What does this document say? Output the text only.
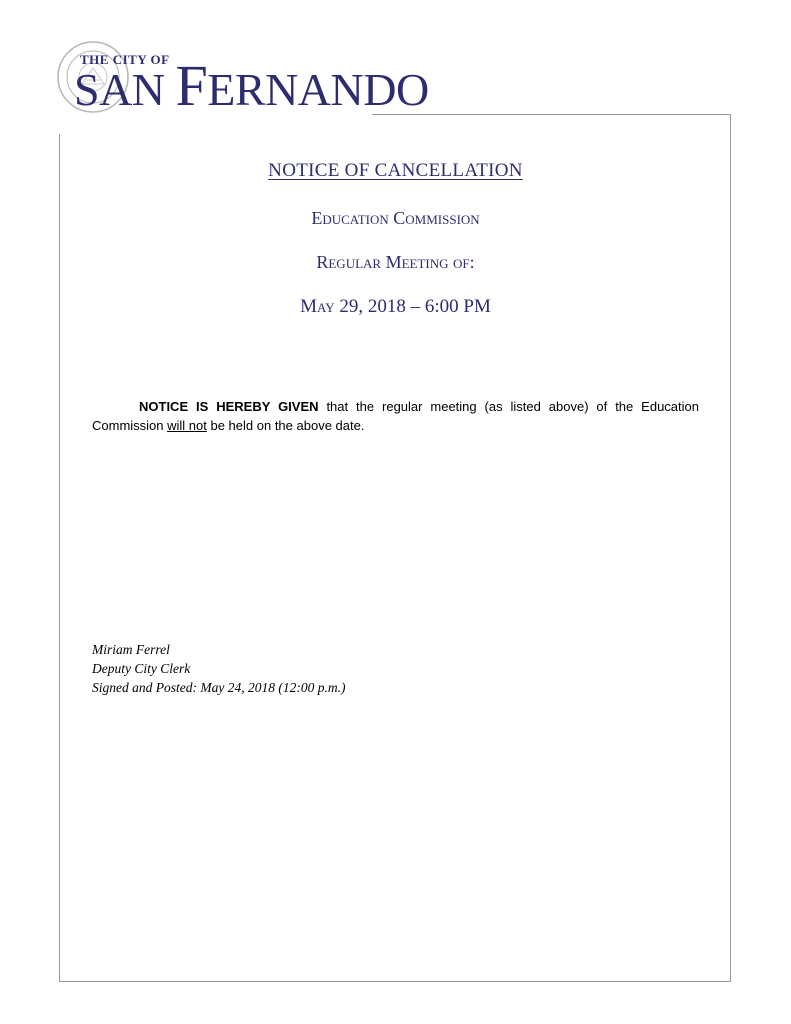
THE CITY OF
SAN FERNANDO
NOTICE OF CANCELLATION
Education Commission
Regular Meeting of:
May 29, 2018 – 6:00 PM
NOTICE IS HEREBY GIVEN that the regular meeting (as listed above) of the Education Commission will not be held on the above date.
Miriam Ferrel
Deputy City Clerk
Signed and Posted: May 24, 2018 (12:00 p.m.)
